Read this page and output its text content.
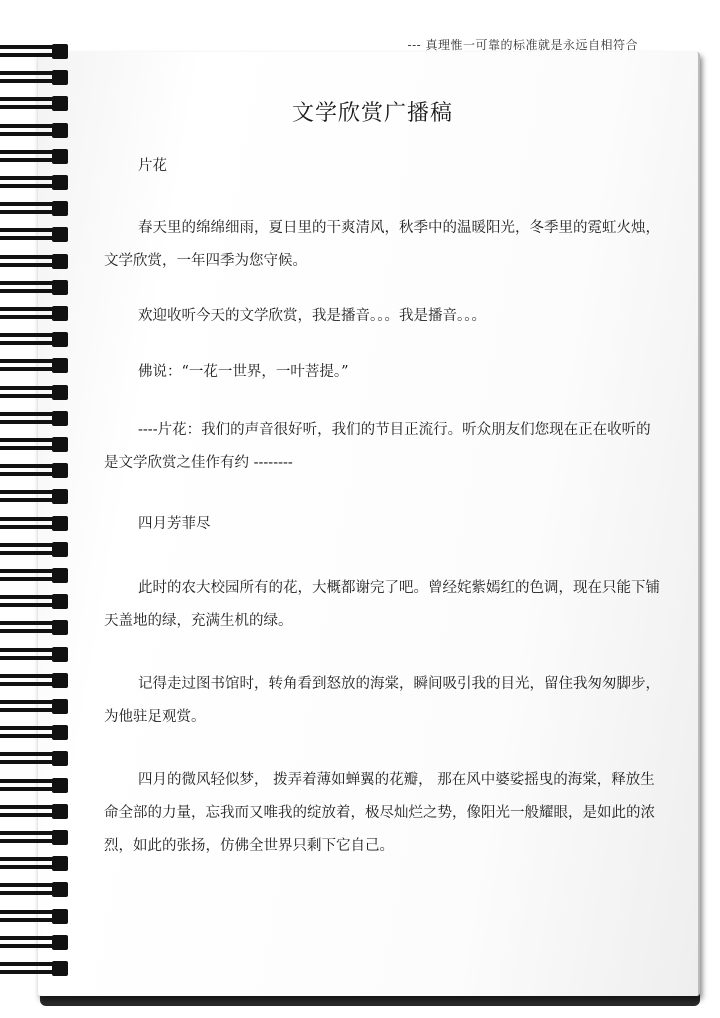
--- 真理惟一可靠的标准就是永远自相符合
文学欣赏广播稿

片花

春天里的绵绵细雨，夏日里的干爽清风，秋季中的温暖阳光，冬季里的霓虹火烛，文学欣赏，一年四季为您守候。

欢迎收听今天的文学欣赏，我是播音。。。我是播音。。。

佛说：“一花一世界，一叶菩提。”

----片花：我们的声音很好听，我们的节目正流行。听众朋友们您现在正在收听的是文学欣赏之佳作有约 --------

四月芳菲尽

此时的农大校园所有的花，大概都谢完了吧。曾经姹紫嫣红的色调，现在只能下铺天盖地的绿，充满生机的绿。

记得走过图书馆时，转角看到怒放的海棠，瞬间吸引我的目光，留住我匆匆脚步，为他驻足观赏。

四月的微风轻似梦， 拨弄着薄如蝉翼的花瓣， 那在风中婆娑摇曳的海棠，释放生命全部的力量，忘我而又唯我的绽放着，极尽灿烂之势，像阳光一般耀眼，是如此的浓烈，如此的张扬，仿佛全世界只剩下它自己。
